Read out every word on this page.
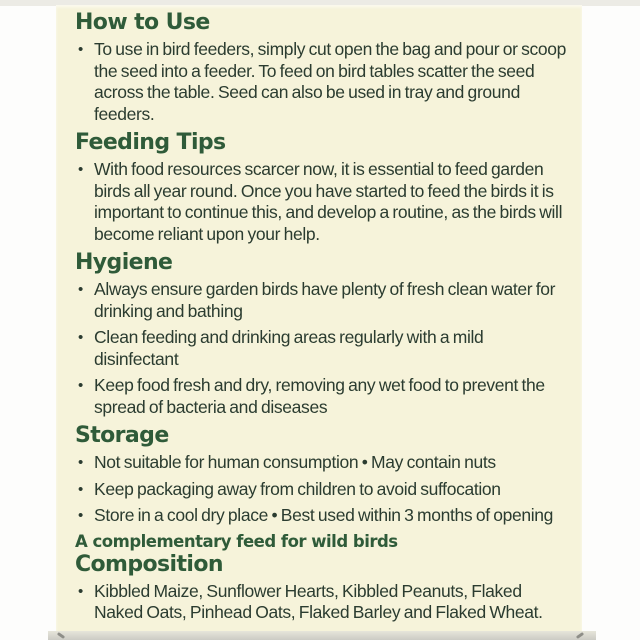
How to Use
• To use in bird feeders, simply cut open the bag and pour or scoop the seed into a feeder. To feed on bird tables scatter the seed across the table. Seed can also be used in tray and ground feeders.
Feeding Tips
• With food resources scarcer now, it is essential to feed garden birds all year round. Once you have started to feed the birds it is important to continue this, and develop a routine, as the birds will become reliant upon your help.
Hygiene
• Always ensure garden birds have plenty of fresh clean water for drinking and bathing
• Clean feeding and drinking areas regularly with a mild disinfectant
• Keep food fresh and dry, removing any wet food to prevent the spread of bacteria and diseases
Storage
• Not suitable for human consumption • May contain nuts
• Keep packaging away from children to avoid suffocation
• Store in a cool dry place • Best used within 3 months of opening
A complementary feed for wild birds
Composition
• Kibbled Maize, Sunflower Hearts, Kibbled Peanuts, Flaked Naked Oats, Pinhead Oats, Flaked Barley and Flaked Wheat.
